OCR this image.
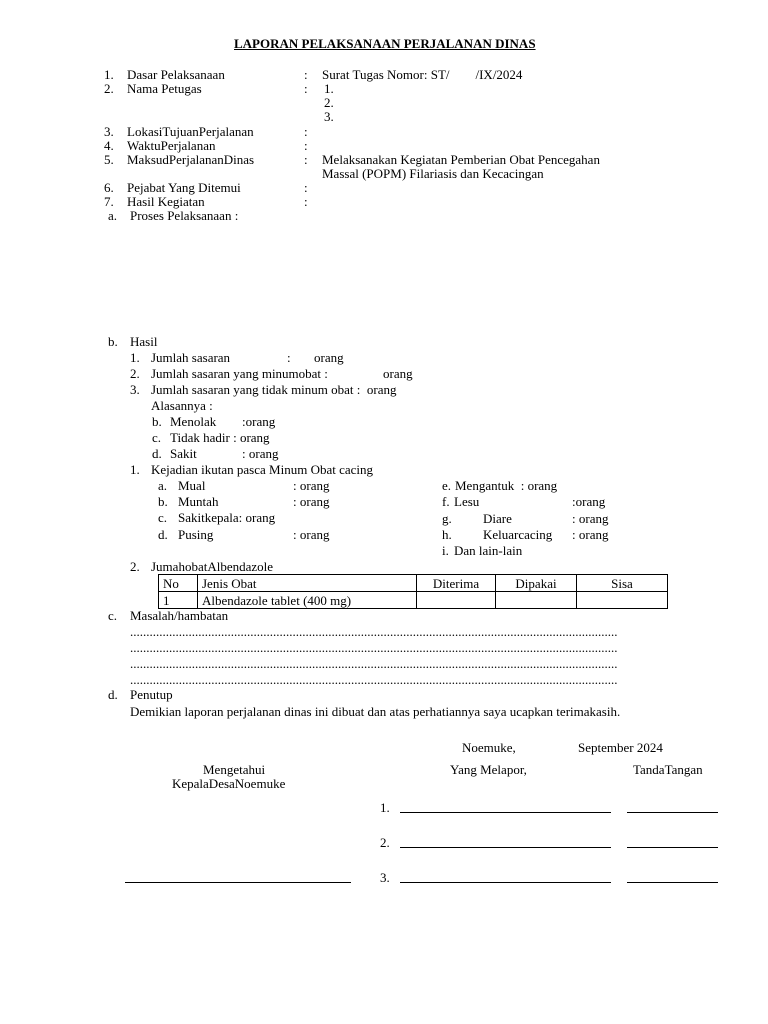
LAPORAN PELAKSANAAN PERJALANAN DINAS
1. Dasar Pelaksanaan	: Surat Tugas Nomor: ST/        /IX/2024
2. Nama Petugas	: 1.
2.
3.
3. LokasiTujuanPerjalanan	:
4. WaktuPerjalanan	:
5. MaksudPerjalananDinas	: Melaksanakan Kegiatan Pemberian Obat Pencegahan
Massal (POPM) Filariasis dan Kecacingan
6. Pejabat Yang Ditemui	:
7. Hasil Kegiatan	:
a. Proses Pelaksanaan :
b. Hasil
1. Jumlah sasaran	: orang
2. Jumlah sasaran yang minumobat :	orang
3. Jumlah sasaran yang tidak minum obat :  orang
Alasannya :
b. Menolak :orang
c. Tidak hadir : orang
d. Sakit	: orang
1. Kejadian ikutan pasca Minum Obat cacing
a. Mual	: orang
b. Muntah	: orang
c. Sakitkepala: orang
d. Pusing	: orang
e. Mengantuk  : orang
f. Lesu	:orang
g. Diare	: orang
h. Keluarcacing : orang
i. Dan lain-lain
2. JumahobatAlbendazole
No	Jenis Obat	Diterima	Dipakai	Sisa
1	Albendazole tablet (400 mg)			
c. Masalah/hambatan
......................................................................................................................................................
......................................................................................................................................................
......................................................................................................................................................
......................................................................................................................................................
d. Penutup
Demikian laporan perjalanan dinas ini dibuat dan atas perhatiannya saya ucapkan terimakasih.
Noemuke,	September 2024
Mengetahui
KepalaDesaNoemuke
Yang Melapor,	TandaTangan
1.
2.
3.
